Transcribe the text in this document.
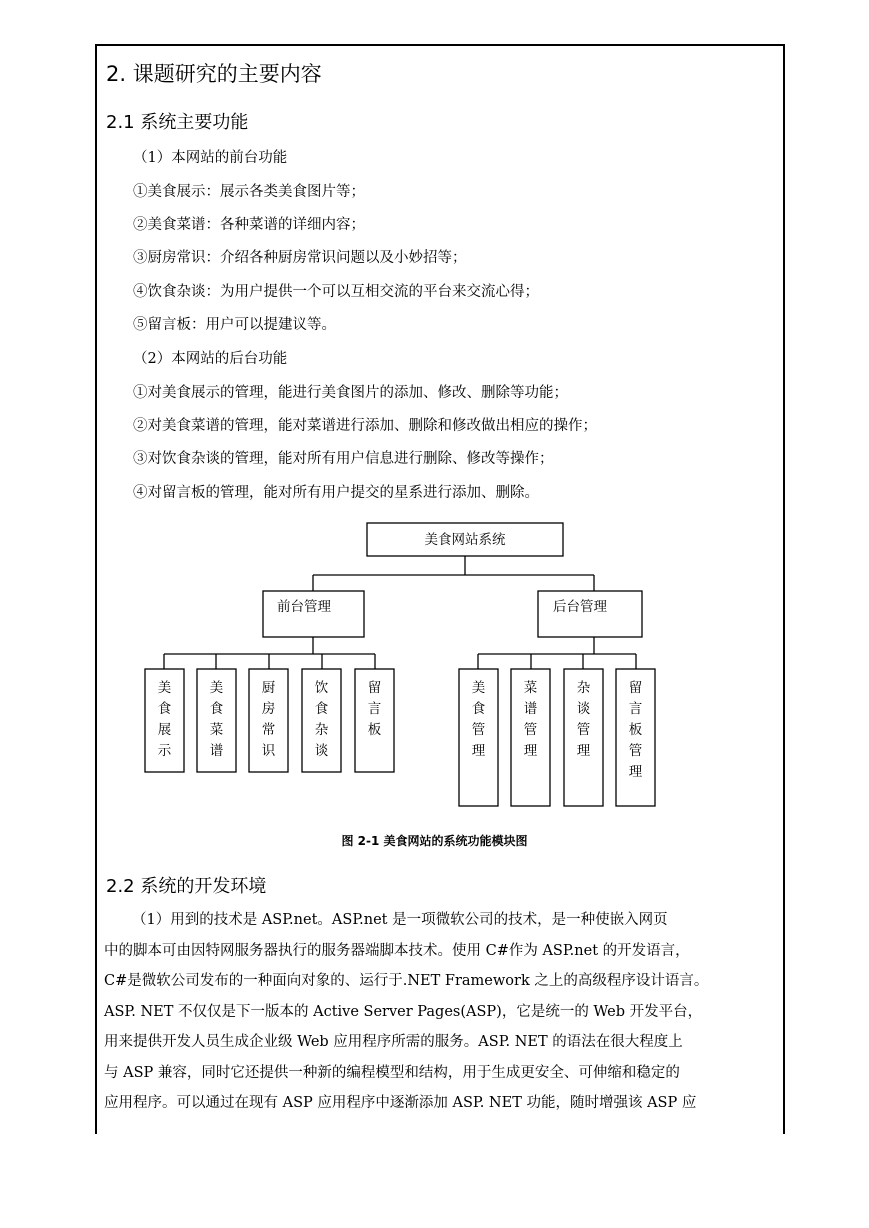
2. 课题研究的主要内容
2.1 系统主要功能
（1）本网站的前台功能
①美食展示：展示各类美食图片等；
②美食菜谱：各种菜谱的详细内容；
③厨房常识：介绍各种厨房常识问题以及小妙招等；
④饮食杂谈：为用户提供一个可以互相交流的平台来交流心得；
⑤留言板：用户可以提建议等。
（2）本网站的后台功能
①对美食展示的管理，能进行美食图片的添加、修改、删除等功能；
②对美食菜谱的管理，能对菜谱进行添加、删除和修改做出相应的操作；
③对饮食杂谈的管理，能对所有用户信息进行删除、修改等操作；
④对留言板的管理，能对所有用户提交的星系进行添加、删除。
美食网站系统
前台管理	后台管理
美食展示
美食菜谱
厨房常识
饮食杂谈
留言板
美食管理
菜谱管理
杂谈管理
留言板管理
图 2-1 美食网站的系统功能模块图
2.2 系统的开发环境
（1）用到的技术是 ASP.net。ASP.net 是一项微软公司的技术，是一种使嵌入网页
中的脚本可由因特网服务器执行的服务器端脚本技术。使用 C#作为 ASP.net 的开发语言，
C#是微软公司发布的一种面向对象的、运行于.NET Framework 之上的高级程序设计语言。
ASP. NET 不仅仅是下一版本的 Active Server Pages(ASP)，它是统一的 Web 开发平台，
用来提供开发人员生成企业级 Web 应用程序所需的服务。ASP. NET 的语法在很大程度上
与 ASP 兼容，同时它还提供一种新的编程模型和结构，用于生成更安全、可伸缩和稳定的
应用程序。可以通过在现有 ASP 应用程序中逐渐添加 ASP. NET 功能，随时增强该 ASP 应
